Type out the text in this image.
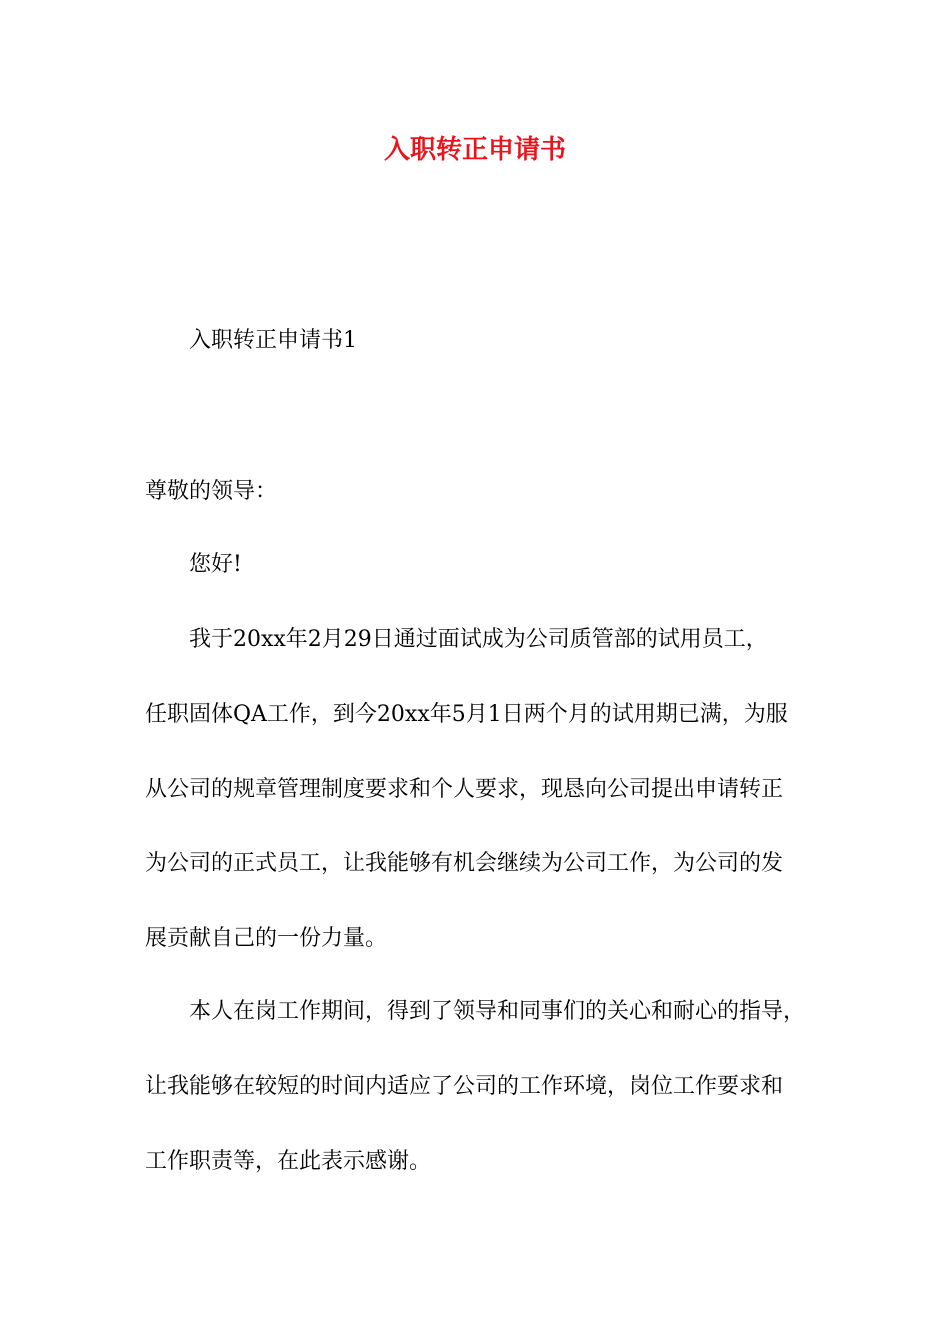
入职转正申请书
入职转正申请书1
尊敬的领导：
您好!
我于20xx年2月29日通过面试成为公司质管部的试用员工，
任职固体QA工作，到今20xx年5月1日两个月的试用期已满，为服
从公司的规章管理制度要求和个人要求，现恳向公司提出申请转正
为公司的正式员工，让我能够有机会继续为公司工作，为公司的发
展贡献自己的一份力量。
本人在岗工作期间，得到了领导和同事们的关心和耐心的指导，
让我能够在较短的时间内适应了公司的工作环境，岗位工作要求和
工作职责等，在此表示感谢。
